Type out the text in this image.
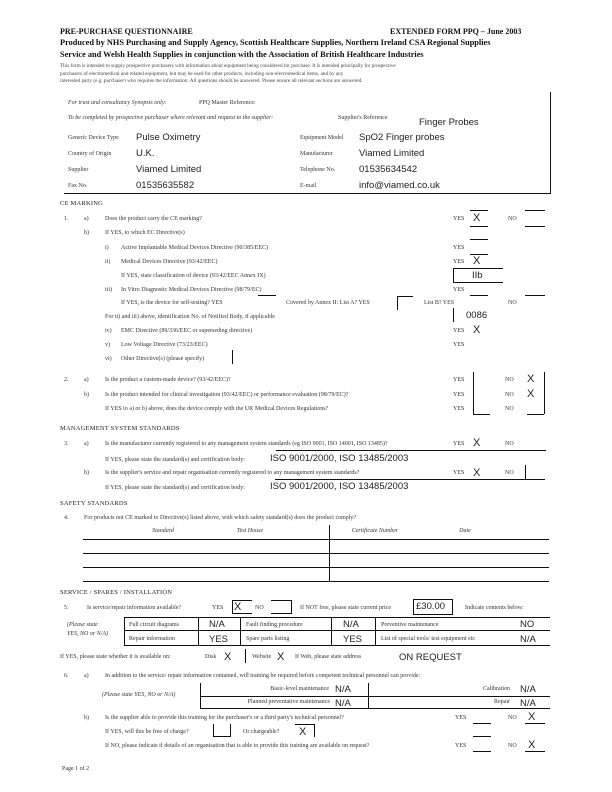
PRE-PURCHASE QUESTIONNAIRE	EXTENDED FORM PPQ – June 2003
Produced by NHS Purchasing and Supply Agency, Scottish Healthcare Supplies, Northern Ireland CSA Regional Supplies
Service and Welsh Health Supplies in conjunction with the Association of British Healthcare Industries
This form is intended to supply prospective purchasers with information about equipment being considered for purchase. It is intended principally for prospective
purchasers of electromedical and related equipment, but may be used for other products, including non-electromedical items, and by any
interested party (e.g. purchaser) who requires the information. All questions should be answered. Please ensure all relevant sections are answered.
For trust and consultancy Synopsis only:	PPQ Master Reference:
To be completed by prospective purchaser where relevant and request to the supplier:	Supplier's Reference	Finger Probes
Generic Device Type Pulse Oximetry	Equipment Model SpO2 Finger probes
Country of Origin	U.K.	Manufacturer	Viamed Limited
Supplier	Viamed Limited	Telephone No.	01535634542
Fax No.	01535635582	E-mail	info@viamed.co.uk
CE MARKING
1.	a)	Does the product carry the CE marking?	YES X	NO
b)	If YES, to which EC Directive(s)
i) Active Implantable Medical Devices Directive (90/385/EEC)	YES
ii) Medical Devices Directive (93/42/EEC)	YES X
If YES, state classification of device (93/42/EEC Annex IX)	IIb
iii) In Vitro Diagnostic Medical Devices Directive (98/79/EC)	YES
If YES, is the device for self-testing? YES	Covered by Annex II: List A? YES	List B? YES	NO
For ii) and iii) above, identification No. of Notified Body, if applicable	0086
iv) EMC Directive (89/336/EEC or superseding directive)	YES X
v) Low Voltage Directive (73/23/EEC)	YES
vi) Other Directive(s) (please specify)
2.	a)	Is the product a custom-made device? (93/42/EEC)?	YES	NO X
b)	Is the product intended for clinical investigation (93/42/EEC) or performance evaluation (98/79/EC)?	YES	NO X
If YES to a) or b) above, does the device comply with the UK Medical Devices Regulations?	YES	NO
MANAGEMENT SYSTEM STANDARDS
3.	a)	Is the manufacturer currently registered to any management system standards (eg ISO 9001, ISO 14001, ISO 13485)?	YES X	NO
If YES, please state the standard(s) and certification body:	ISO 9001/2000, ISO 13485/2003
b)	Is the supplier's service and repair organisation currently registered to any management system standards?	YES X	NO
If YES, please state the standard(s) and certification body:	ISO 9001/2000, ISO 13485/2003
SAFETY STANDARDS
4.	For products not CE marked to Directive(s) listed above, with which safety standard(s) does the product comply?
Standard	Test House	Certificate Number	Date
SERVICE / SPARES / INSTALLATION
5.	Is service/repair information available?	YES X NO	If NOT free, please state current price	£30.00	Indicate contents below:
(Please state
YES, NO or N/A)
Full circuit diagrams	N/A	Fault finding procedure	N/A	Preventive maintenance	NO
Repair information	YES	Spare parts listing	YES	List of special tools/ test equipment etc	N/A
If YES, please state whether it is available on:	Disk X	Website X If Web, please state address	ON REQUEST
6.	a)	In addition to the service/ repair information contained, will training be required before competent technical personnel can provide:
(Please state YES, NO or N/A)
Basic-level maintenance N/A	Calibration N/A
Planned preventative maintenance N/A	Repair N/A
b)	Is the supplier able to provide this training for the purchaser's or a third party's technical personnel?	YES	NO X
If YES, will this be free of charge?	Or chargeable? X
If NO, please indicate if details of an organisation that is able to provide this training are available on request?	YES	NO X
Page 1 of 2
